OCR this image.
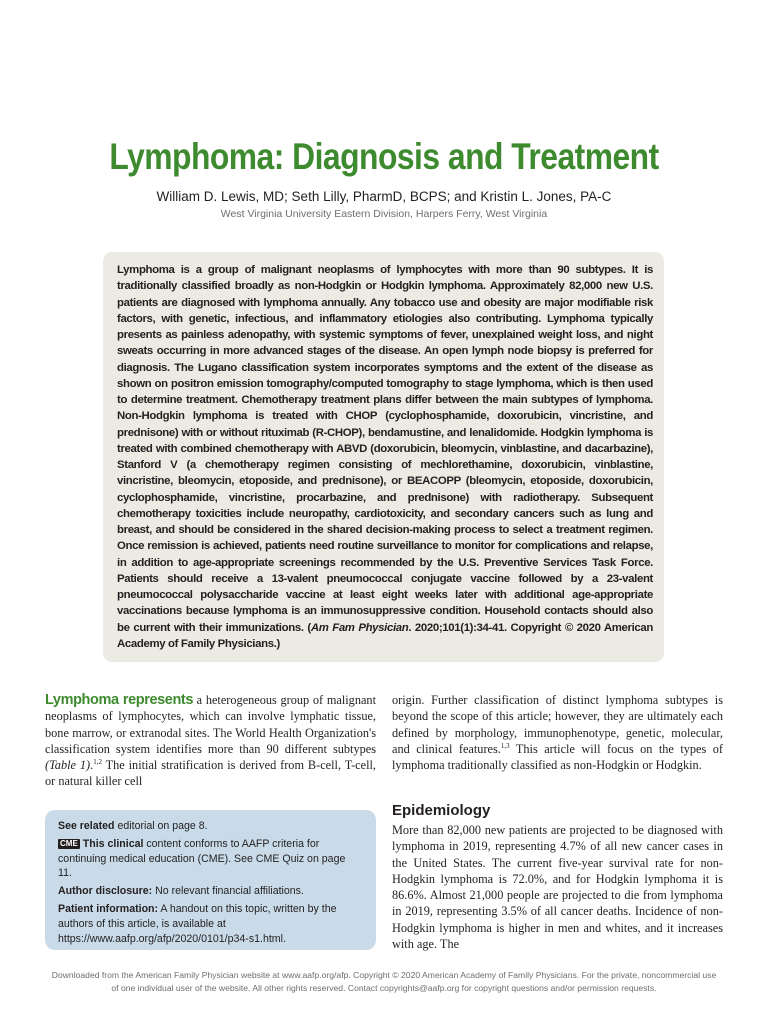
Lymphoma: Diagnosis and Treatment
William D. Lewis, MD; Seth Lilly, PharmD, BCPS; and Kristin L. Jones, PA-C
West Virginia University Eastern Division, Harpers Ferry, West Virginia
Lymphoma is a group of malignant neoplasms of lymphocytes with more than 90 subtypes. It is traditionally classified broadly as non-Hodgkin or Hodgkin lymphoma. Approximately 82,000 new U.S. patients are diagnosed with lymphoma annually. Any tobacco use and obesity are major modifiable risk factors, with genetic, infectious, and inflammatory etiologies also contributing. Lymphoma typically presents as painless adenopathy, with systemic symptoms of fever, unexplained weight loss, and night sweats occurring in more advanced stages of the disease. An open lymph node biopsy is preferred for diagnosis. The Lugano classification system incorporates symptoms and the extent of the disease as shown on positron emission tomography/computed tomography to stage lymphoma, which is then used to determine treatment. Chemotherapy treatment plans differ between the main subtypes of lymphoma. Non-Hodgkin lymphoma is treated with CHOP (cyclophosphamide, doxorubicin, vincristine, and prednisone) with or without rituximab (R-CHOP), bendamustine, and lenalidomide. Hodgkin lymphoma is treated with combined chemotherapy with ABVD (doxorubicin, bleomycin, vinblastine, and dacarbazine), Stanford V (a chemotherapy regimen consisting of mechlorethamine, doxorubicin, vinblastine, vincristine, bleomycin, etoposide, and prednisone), or BEACOPP (bleomycin, etoposide, doxorubicin, cyclophosphamide, vincristine, procarbazine, and prednisone) with radiotherapy. Subsequent chemotherapy toxicities include neuropathy, cardiotoxicity, and secondary cancers such as lung and breast, and should be considered in the shared decision-making process to select a treatment regimen. Once remission is achieved, patients need routine surveillance to monitor for complications and relapse, in addition to age-appropriate screenings recommended by the U.S. Preventive Services Task Force. Patients should receive a 13-valent pneumococcal conjugate vaccine followed by a 23-valent pneumococcal polysaccharide vaccine at least eight weeks later with additional age-appropriate vaccinations because lymphoma is an immunosuppressive condition. Household contacts should also be current with their immunizations. (Am Fam Physician. 2020;101(1):34-41. Copyright © 2020 American Academy of Family Physicians.)
Lymphoma represents a heterogeneous group of malignant neoplasms of lymphocytes, which can involve lymphatic tissue, bone marrow, or extranodal sites. The World Health Organization's classification system identifies more than 90 different subtypes (Table 1).$^{1,2}$ The initial stratification is derived from B-cell, T-cell, or natural killer cell
origin. Further classification of distinct lymphoma subtypes is beyond the scope of this article; however, they are ultimately each defined by morphology, immunophenotype, genetic, molecular, and clinical features.$^{1,3}$ This article will focus on the types of lymphoma traditionally classified as non-Hodgkin or Hodgkin.
Epidemiology
More than 82,000 new patients are projected to be diagnosed with lymphoma in 2019, representing 4.7% of all new cancer cases in the United States. The current five-year survival rate for non-Hodgkin lymphoma is 72.0%, and for Hodgkin lymphoma it is 86.6%. Almost 21,000 people are projected to die from lymphoma in 2019, representing 3.5% of all cancer deaths. Incidence of non-Hodgkin lymphoma is higher in men and whites, and it increases with age. The

See related editorial on page 8.

CME This clinical content conforms to AAFP criteria for continuing medical education (CME). See CME Quiz on page 11.

Author disclosure: No relevant financial affiliations.

Patient information: A handout on this topic, written by the authors of this article, is available at https://www.aafp.org/afp/2020/0101/p34-s1.html.

Downloaded from the American Family Physician website at www.aafp.org/afp. Copyright © 2020 American Academy of Family Physicians. For the private, noncommercial use of one individual user of the website. All other rights reserved. Contact copyrights@aafp.org for copyright questions and/or permission requests.
